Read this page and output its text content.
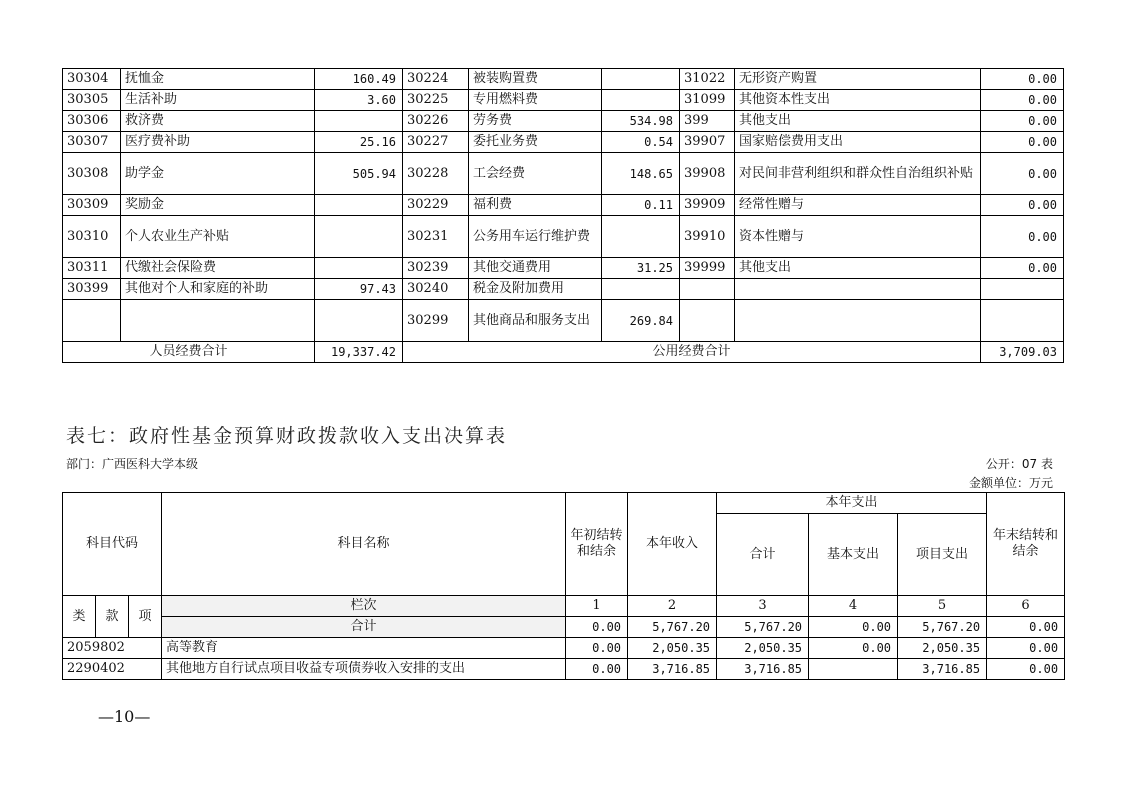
30304	抚恤金	160.49	30224	被装购置费		31022	无形资产购置	0.00
30305	生活补助	3.60	30225	专用燃料费		31099	其他资本性支出	0.00
30306	救济费		30226	劳务费	534.98	399	其他支出	0.00
30307	医疗费补助	25.16	30227	委托业务费	0.54	39907	国家赔偿费用支出	0.00
30308	助学金	505.94	30228	工会经费	148.65	39908	对民间非营利组织和群众性自治组织补贴	0.00
30309	奖励金		30229	福利费	0.11	39909	经常性赠与	0.00
30310	个人农业生产补贴		30231	公务用车运行维护费		39910	资本性赠与	0.00
30311	代缴社会保险费		30239	其他交通费用	31.25	39999	其他支出	0.00
30399	其他对个人和家庭的补助	97.43	30240	税金及附加费用				
			30299	其他商品和服务支出	269.84			
人员经费合计		19,337.42	公用经费合计					3,709.03
表七：政府性基金预算财政拨款收入支出决算表
部门：广西医科大学本级	公开：07 表
金额单位：万元
科目代码			科目名称	年初结转和结余	本年收入	本年支出			年末结转和结余
						合计	基本支出	项目支出	
类	款	项	栏次	1	2	3	4	5	6
			合计	0.00	5,767.20	5,767.20	0.00	5,767.20	0.00
2059802			高等教育	0.00	2,050.35	2,050.35	0.00	2,050.35	0.00
2290402			其他地方自行试点项目收益专项债券收入安排的支出	0.00	3,716.85	3,716.85		3,716.85	0.00
—10—
